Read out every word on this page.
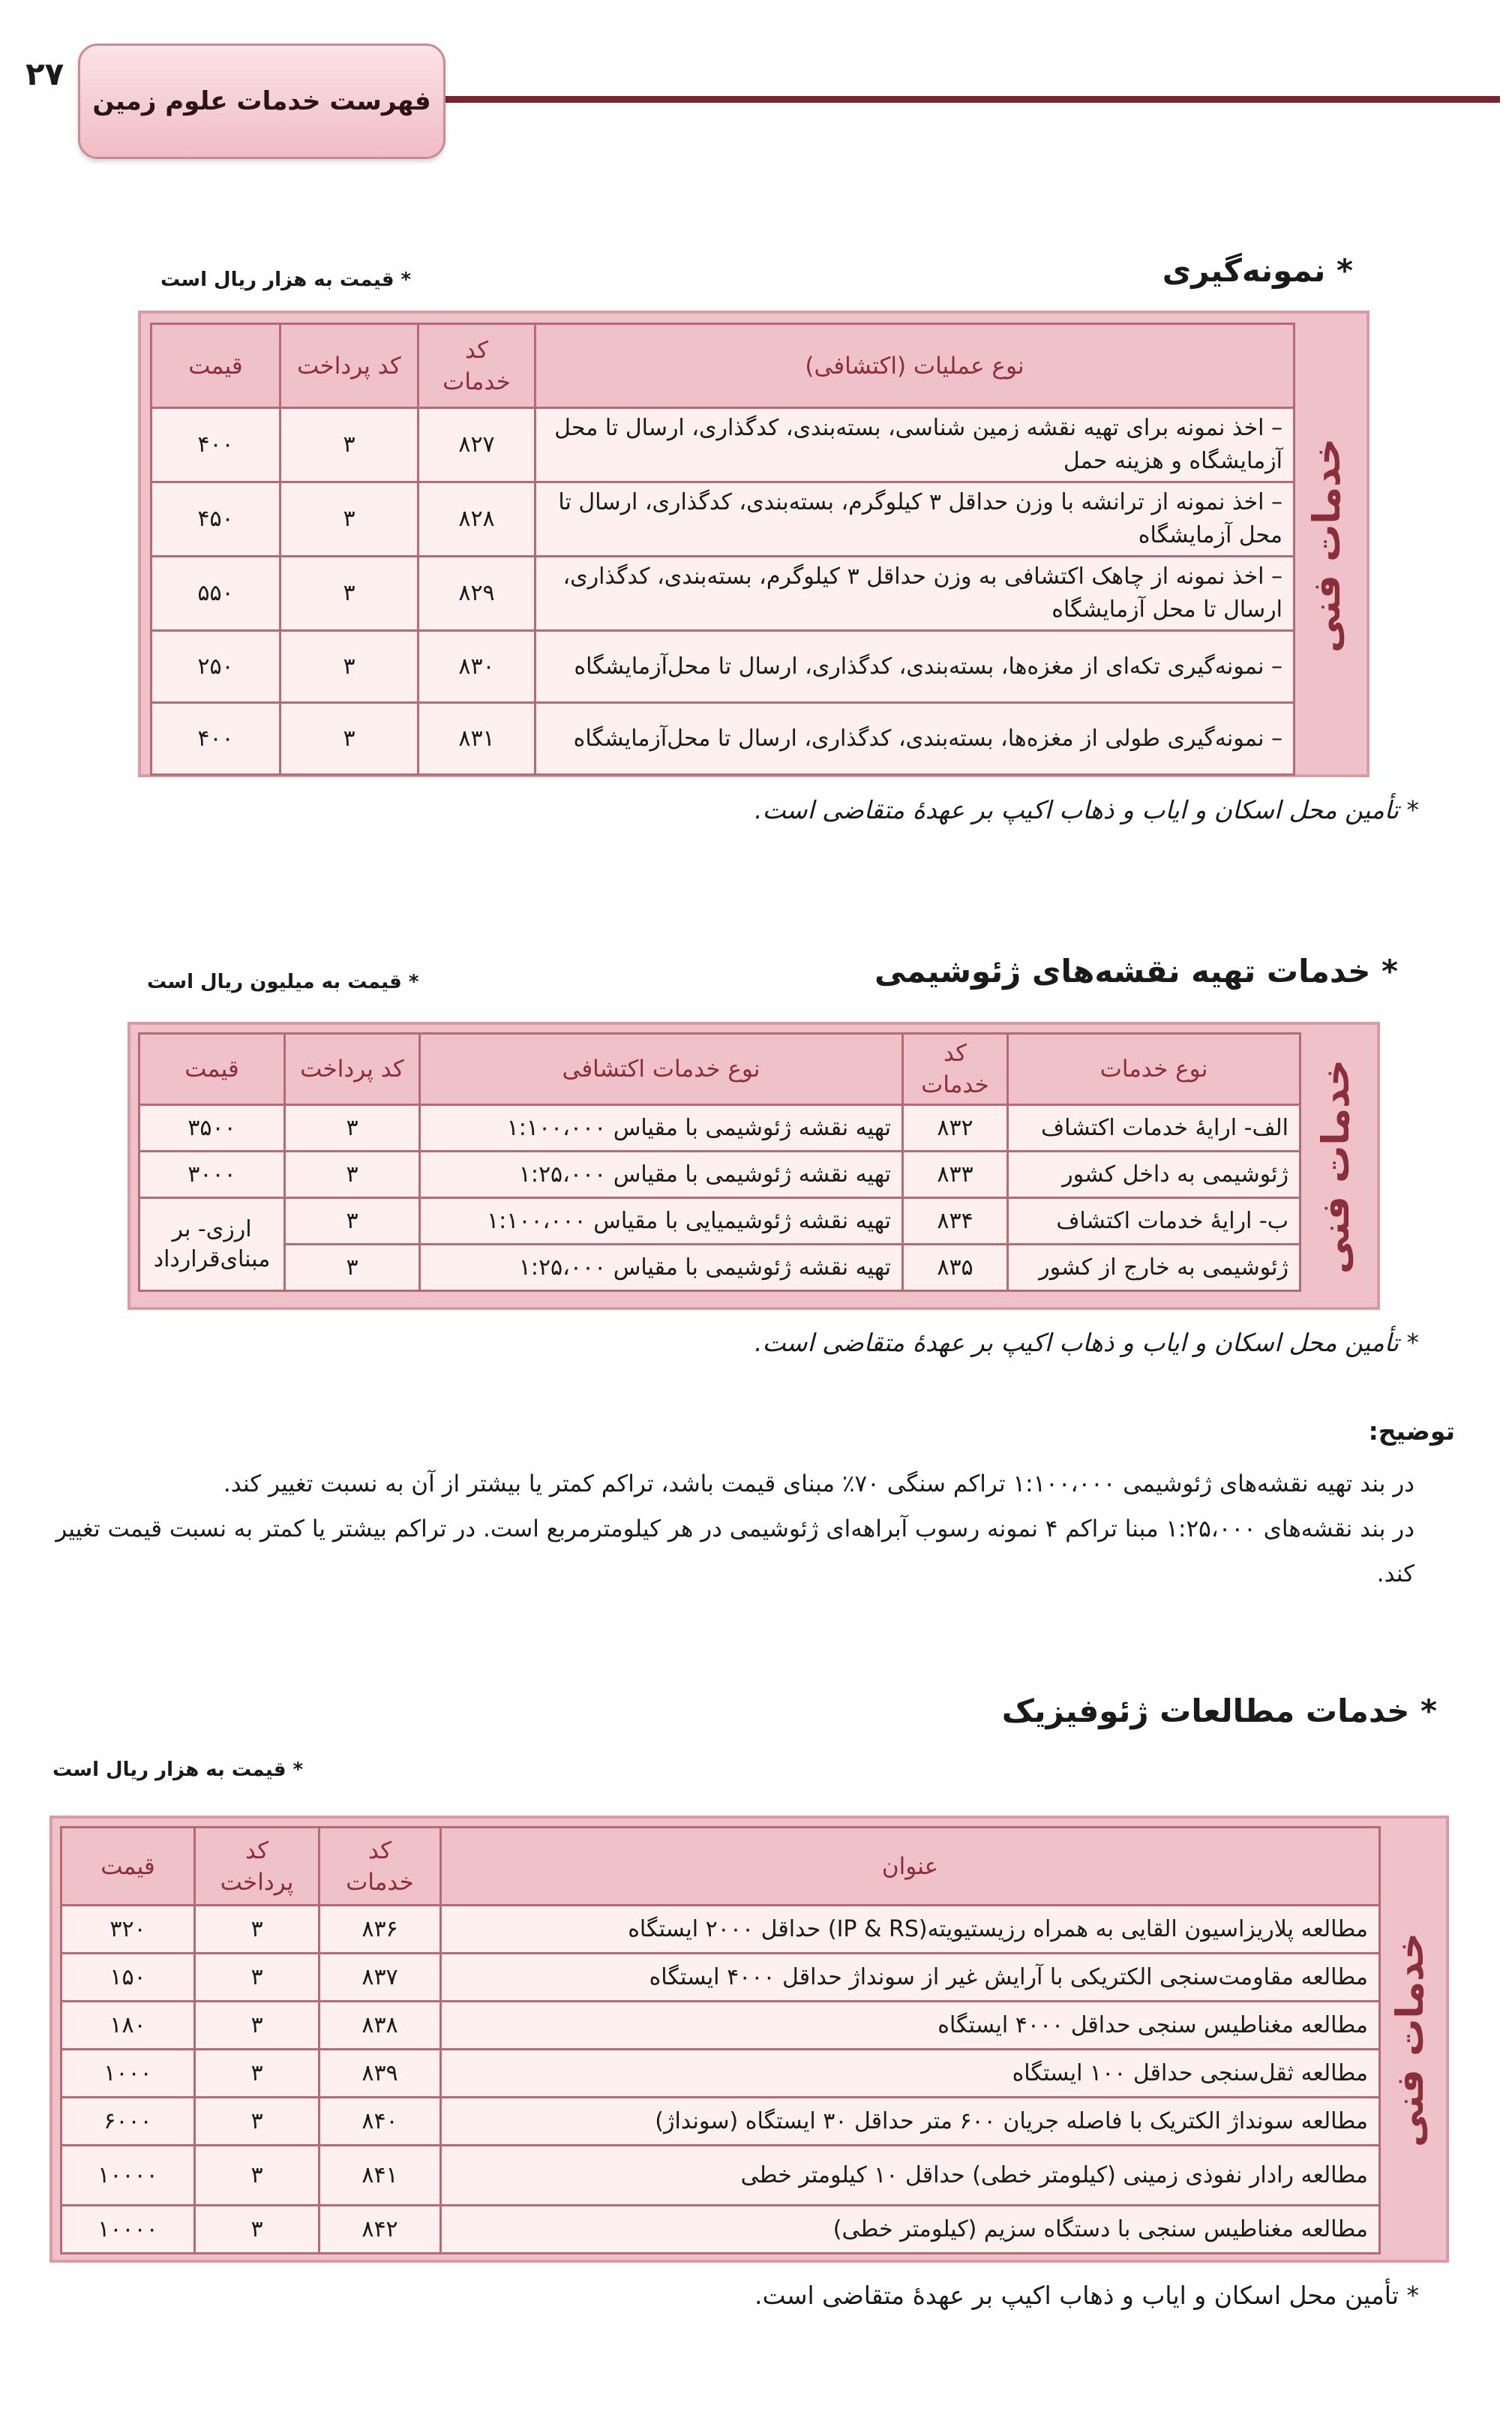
۲۷
فهرست خدمات علوم زمین
* نمونه‌گیری
* قیمت به هزار ریال است
خدمات فنی
نوع عملیات (اکتشافی)	کد خدمات	کد پرداخت	قیمت
– اخذ نمونه برای تهیه نقشه زمین شناسی، بسته‌بندی، کدگذاری، ارسال تا محل آزمایشگاه و هزینه حمل	۸۲۷	۳	۴۰۰
– اخذ نمونه از ترانشه با وزن حداقل ۳ کیلوگرم، بسته‌بندی، کدگذاری، ارسال تا محل آزمایشگاه	۸۲۸	۳	۴۵۰
– اخذ نمونه از چاهک اکتشافی به وزن حداقل ۳ کیلوگرم، بسته‌بندی، کدگذاری، ارسال تا محل آزمایشگاه	۸۲۹	۳	۵۵۰
– نمونه‌گیری تکه‌ای از مغزه‌ها، بسته‌بندی، کدگذاری، ارسال تا محل‌آزمایشگاه	۸۳۰	۳	۲۵۰
– نمونه‌گیری طولی از مغزه‌ها، بسته‌بندی، کدگذاری، ارسال تا محل‌آزمایشگاه	۸۳۱	۳	۴۰۰
* تأمین محل اسکان و ایاب و ذهاب اکیپ بر عهدهٔ متقاضی است.
* خدمات تهیه نقشه‌های ژئوشیمی
* قیمت به میلیون ریال است
خدمات فنی
نوع خدمات	کد خدمات	نوع خدمات اکتشافی	کد پرداخت	قیمت
الف- ارایهٔ خدمات اکتشاف	۸۳۲	تهیه نقشه ژئوشیمی با مقیاس ۱:۱۰۰،۰۰۰	۳	۳۵۰۰
ژئوشیمی به داخل کشور	۸۳۳	تهیه نقشه ژئوشیمی با مقیاس ۱:۲۵،۰۰۰	۳	۳۰۰۰
ب- ارایهٔ خدمات اکتشاف	۸۳۴	تهیه نقشه ژئوشیمیایی با مقیاس ۱:۱۰۰،۰۰۰	۳	ارزی- بر مبنای‌قرارداد
ژئوشیمی به خارج از کشور	۸۳۵	تهیه نقشه ژئوشیمی با مقیاس ۱:۲۵،۰۰۰	۳	
* تأمین محل اسکان و ایاب و ذهاب اکیپ بر عهدهٔ متقاضی است.
توضیح:
در بند تهیه نقشه‌های ژئوشیمی ۱:۱۰۰،۰۰۰ تراکم سنگی ۷۰٪ مبنای قیمت باشد، تراکم کمتر یا بیشتر از آن به نسبت تغییر کند.
در بند نقشه‌های ۱:۲۵،۰۰۰ مبنا تراکم ۴ نمونه رسوب آبراهه‌ای ژئوشیمی در هر کیلومترمربع است. در تراکم بیشتر یا کمتر به نسبت قیمت تغییر کند.
* خدمات مطالعات ژئوفیزیک
* قیمت به هزار ریال است
خدمات فنی
عنوان	کد خدمات	کد پرداخت	قیمت
مطالعه پلاریزاسیون القایی به همراه رزیستیویته(IP & RS) حداقل ۲۰۰۰ ایستگاه	۸۳۶	۳	۳۲۰
مطالعه مقاومت‌سنجی الکتریکی با آرایش غیر از سونداژ حداقل ۴۰۰۰ ایستگاه	۸۳۷	۳	۱۵۰
مطالعه مغناطیس سنجی حداقل ۴۰۰۰ ایستگاه	۸۳۸	۳	۱۸۰
مطالعه ثقل‌سنجی حداقل ۱۰۰ ایستگاه	۸۳۹	۳	۱۰۰۰
مطالعه سونداژ الکتریک با فاصله جریان ۶۰۰ متر حداقل ۳۰ ایستگاه (سونداژ)	۸۴۰	۳	۶۰۰۰
مطالعه رادار نفوذی زمینی (کیلومتر خطی) حداقل ۱۰ کیلومتر خطی	۸۴۱	۳	۱۰۰۰۰
مطالعه مغناطیس سنجی با دستگاه سزیم (کیلومتر خطی)	۸۴۲	۳	۱۰۰۰۰
* تأمین محل اسکان و ایاب و ذهاب اکیپ بر عهدهٔ متقاضی است.
